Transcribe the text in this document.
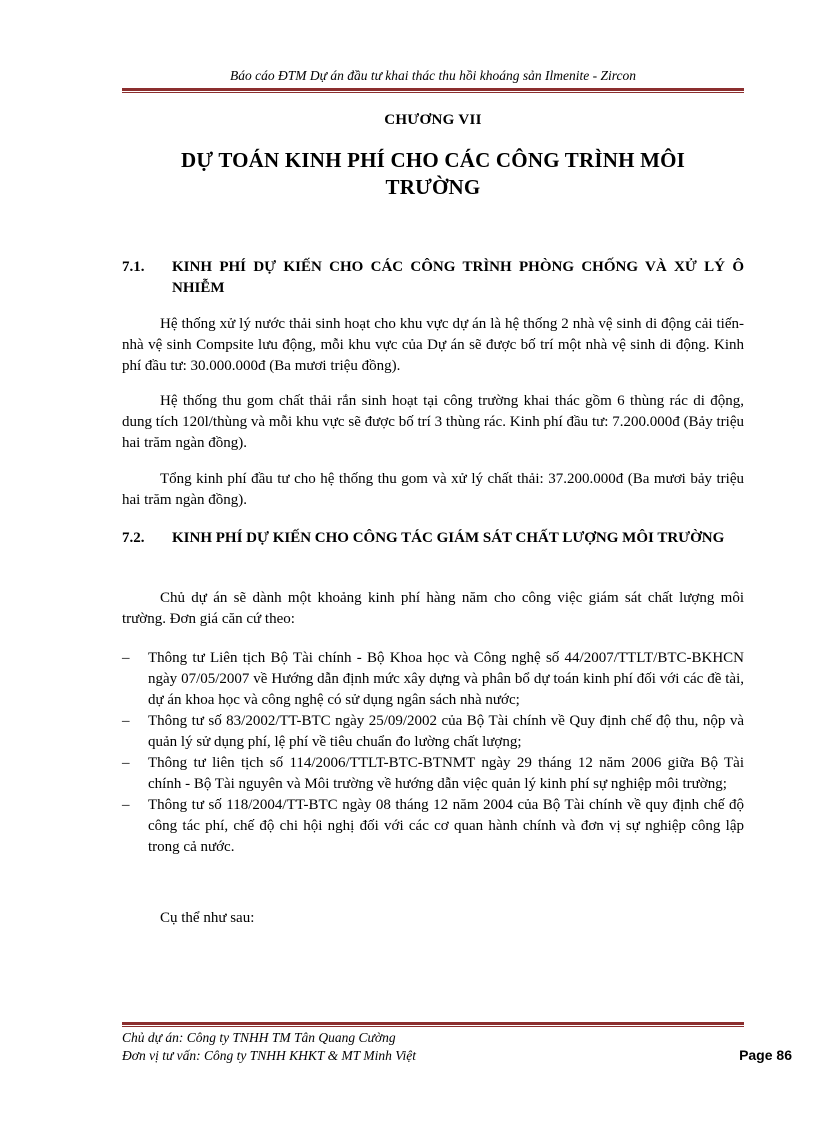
Báo cáo ĐTM Dự án đầu tư khai thác thu hồi khoáng sản Ilmenite - Zircon
CHƯƠNG VII
DỰ TOÁN KINH PHÍ CHO CÁC CÔNG TRÌNH MÔI
TRƯỜNG
7.1. KINH PHÍ DỰ KIẾN CHO CÁC CÔNG TRÌNH PHÒNG CHỐNG VÀ XỬ LÝ Ô NHIỄM
Hệ thống xử lý nước thải sinh hoạt cho khu vực dự án là hệ thống 2 nhà vệ sinh di động cải tiến- nhà vệ sinh Compsite lưu động, mỗi khu vực của Dự án sẽ được bố trí một nhà vệ sinh di động. Kinh phí đầu tư: 30.000.000đ (Ba mươi triệu đồng).
Hệ thống thu gom chất thải rắn sinh hoạt tại công trường khai thác gồm 6 thùng rác di động, dung tích 120l/thùng và mỗi khu vực sẽ được bố trí 3 thùng rác. Kinh phí đầu tư: 7.200.000đ (Bảy triệu hai trăm ngàn đồng).
Tổng kinh phí đầu tư cho hệ thống thu gom và xử lý chất thải: 37.200.000đ (Ba mươi bảy triệu hai trăm ngàn đồng).
7.2. KINH PHÍ DỰ KIẾN CHO CÔNG TÁC GIÁM SÁT CHẤT LƯỢNG MÔI TRƯỜNG
Chủ dự án sẽ dành một khoảng kinh phí hàng năm cho công việc giám sát chất lượng môi trường. Đơn giá căn cứ theo:
– Thông tư Liên tịch Bộ Tài chính - Bộ Khoa học và Công nghệ số 44/2007/TTLT/BTC-BKHCN ngày 07/05/2007 về Hướng dẫn định mức xây dựng và phân bổ dự toán kinh phí đối với các đề tài, dự án khoa học và công nghệ có sử dụng ngân sách nhà nước;
– Thông tư số 83/2002/TT-BTC ngày 25/09/2002 của Bộ Tài chính về Quy định chế độ thu, nộp và quản lý sử dụng phí, lệ phí về tiêu chuẩn đo lường chất lượng;
– Thông tư liên tịch số 114/2006/TTLT-BTC-BTNMT ngày 29 tháng 12 năm 2006 giữa Bộ Tài chính - Bộ Tài nguyên và Môi trường về hướng dẫn việc quản lý kinh phí sự nghiệp môi trường;
– Thông tư số 118/2004/TT-BTC ngày 08 tháng 12 năm 2004 của Bộ Tài chính về quy định chế độ công tác phí, chế độ chi hội nghị đối với các cơ quan hành chính và đơn vị sự nghiệp công lập trong cả nước.
Cụ thể như sau:
Chủ dự án: Công ty TNHH TM Tân Quang Cường
Đơn vị tư vấn: Công ty TNHH KHKT & MT Minh Việt	Page 86
